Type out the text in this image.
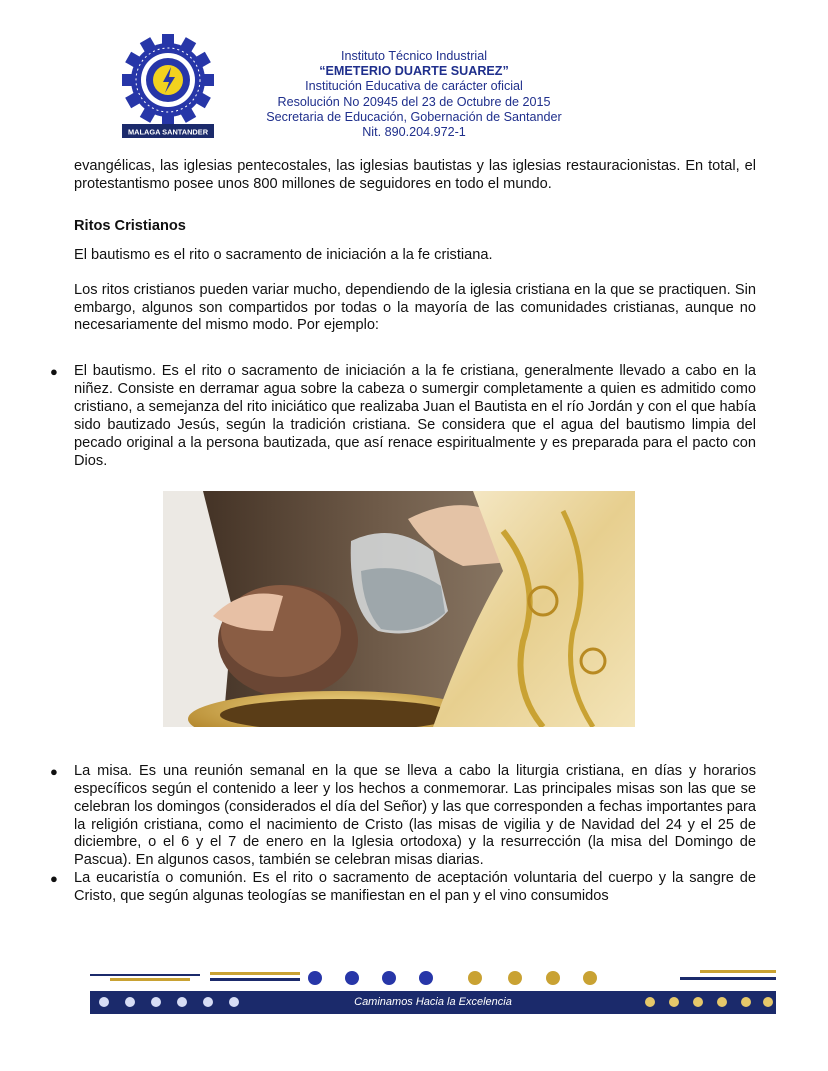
MALAGA SANTANDER
Instituto Técnico Industrial
“EMETERIO DUARTE SUAREZ”
Institución Educativa de carácter oficial
Resolución No 20945 del 23 de Octubre de 2015
Secretaria de Educación, Gobernación de Santander
Nit. 890.204.972-1

evangélicas, las iglesias pentecostales, las iglesias bautistas y las iglesias restauracionistas. En total, el protestantismo posee unos 800 millones de seguidores en todo el mundo.

Ritos Cristianos

El bautismo es el rito o sacramento de iniciación a la fe cristiana.

Los ritos cristianos pueden variar mucho, dependiendo de la iglesia cristiana en la que se practiquen. Sin embargo, algunos son compartidos por todas o la mayoría de las comunidades cristianas, aunque no necesariamente del mismo modo. Por ejemplo:

● El bautismo. Es el rito o sacramento de iniciación a la fe cristiana, generalmente llevado a cabo en la niñez. Consiste en derramar agua sobre la cabeza o sumergir completamente a quien es admitido como cristiano, a semejanza del rito iniciático que realizaba Juan el Bautista en el río Jordán y con el que había sido bautizado Jesús, según la tradición cristiana. Se considera que el agua del bautismo limpia del pecado original a la persona bautizada, que así renace espiritualmente y es preparada para el pacto con Dios.
● La misa. Es una reunión semanal en la que se lleva a cabo la liturgia cristiana, en días y horarios específicos según el contenido a leer y los hechos a conmemorar. Las principales misas son las que se celebran los domingos (considerados el día del Señor) y las que corresponden a fechas importantes para la religión cristiana, como el nacimiento de Cristo (las misas de vigilia y de Navidad del 24 y el 25 de diciembre, o el 6 y el 7 de enero en la Iglesia ortodoxa) y la resurrección (la misa del Domingo de Pascua). En algunos casos, también se celebran misas diarias.
● La eucaristía o comunión. Es el rito o sacramento de aceptación voluntaria del cuerpo y la sangre de Cristo, que según algunas teologías se manifiestan en el pan y el vino consumidos
Caminamos Hacia la Excelencia
